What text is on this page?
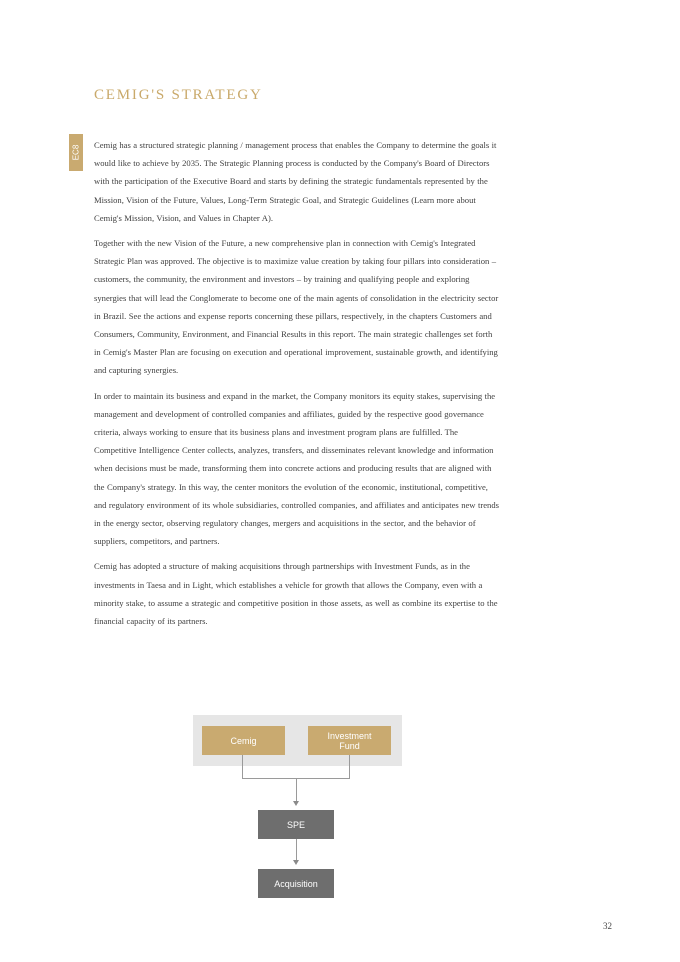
CEMIG'S STRATEGY
EC8 Cemig has a structured strategic planning / management process that enables the Company to determine the goals it would like to achieve by 2035. The Strategic Planning process is conducted by the Company's Board of Directors with the participation of the Executive Board and starts by defining the strategic fundamentals represented by the Mission, Vision of the Future, Values, Long-Term Strategic Goal, and Strategic Guidelines (Learn more about Cemig's Mission, Vision, and Values in Chapter A).

Together with the new Vision of the Future, a new comprehensive plan in connection with Cemig's Integrated Strategic Plan was approved. The objective is to maximize value creation by taking four pillars into consideration – customers, the community, the environment and investors – by training and qualifying people and exploring synergies that will lead the Conglomerate to become one of the main agents of consolidation in the electricity sector in Brazil. See the actions and expense reports concerning these pillars, respectively, in the chapters Customers and Consumers, Community, Environment, and Financial Results in this report. The main strategic challenges set forth in Cemig's Master Plan are focusing on execution and operational improvement, sustainable growth, and identifying and capturing synergies.

In order to maintain its business and expand in the market, the Company monitors its equity stakes, supervising the management and development of controlled companies and affiliates, guided by the respective good governance criteria, always working to ensure that its business plans and investment program plans are fulfilled. The Competitive Intelligence Center collects, analyzes, transfers, and disseminates relevant knowledge and information when decisions must be made, transforming them into concrete actions and producing results that are aligned with the Company's strategy. In this way, the center monitors the evolution of the economic, institutional, competitive, and regulatory environment of its whole subsidiaries, controlled companies, and affiliates and anticipates new trends in the energy sector, observing regulatory changes, mergers and acquisitions in the sector, and the behavior of suppliers, competitors, and partners.

Cemig has adopted a structure of making acquisitions through partnerships with Investment Funds, as in the investments in Taesa and in Light, which establishes a vehicle for growth that allows the Company, even with a minority stake, to assume a strategic and competitive position in those assets, as well as combine its expertise to the financial capacity of its partners.

Cemig	Investment Fund
SPE
Acquisition
32
